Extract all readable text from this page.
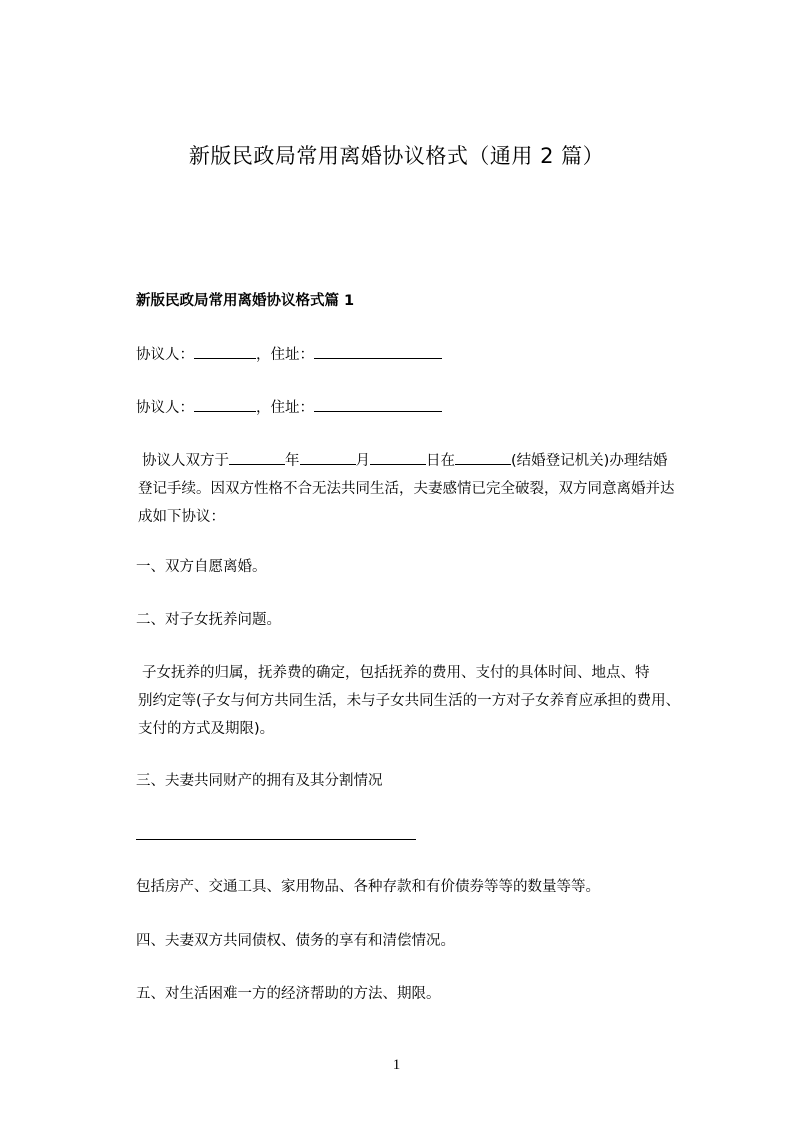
新版民政局常用离婚协议格式（通用 2 篇）
新版民政局常用离婚协议格式篇 1
协议人：	，住址：
协议人：	，住址：

协议人双方于	年	月	日在	(结婚登记机关)办理结婚

登记手续。因双方性格不合无法共同生活，夫妻感情已完全破裂，双方同意离婚并达

成如下协议：

一、双方自愿离婚。
二、对子女抚养问题。

子女抚养的归属，抚养费的确定，包括抚养的费用、支付的具体时间、地点、特

别约定等(子女与何方共同生活，未与子女共同生活的一方对子女养育应承担的费用、

支付的方式及期限)。

三、夫妻共同财产的拥有及其分割情况
包括房产、交通工具、家用物品、各种存款和有价债券等等的数量等等。
四、夫妻双方共同债权、债务的享有和清偿情况。
五、对生活困难一方的经济帮助的方法、期限。
1
